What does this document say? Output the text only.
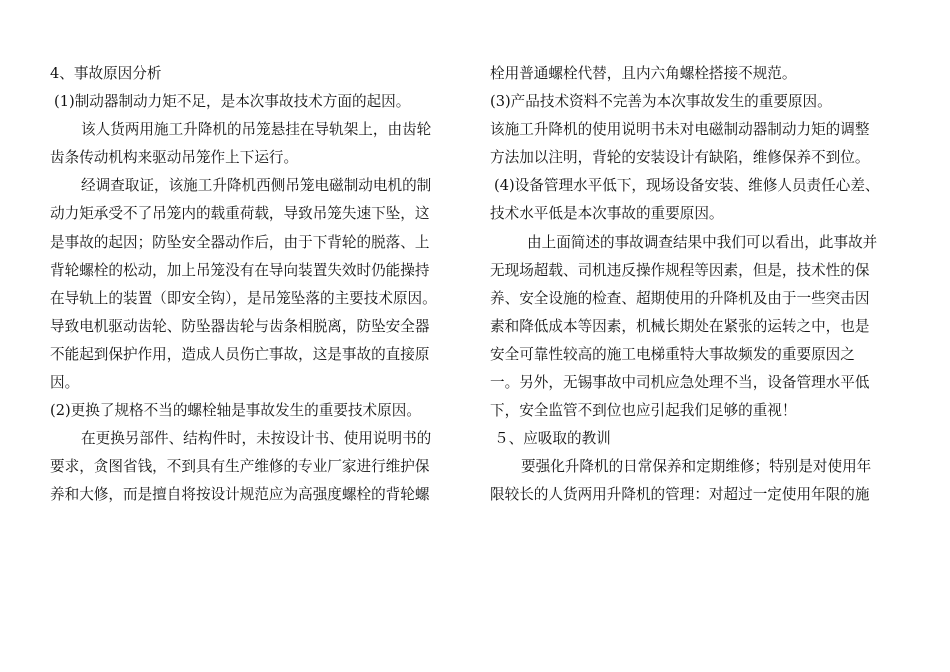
4、事故原因分析
(1)制动器制动力矩不足，是本次事故技术方面的起因。
该人货两用施工升降机的吊笼悬挂在导轨架上，由齿轮
齿条传动机构来驱动吊笼作上下运行。
经调查取证，该施工升降机西侧吊笼电磁制动电机的制
动力矩承受不了吊笼内的载重荷载，导致吊笼失速下坠，这
是事故的起因；防坠安全器动作后，由于下背轮的脱落、上
背轮螺栓的松动，加上吊笼没有在导向装置失效时仍能操持
在导轨上的装置（即安全钩），是吊笼坠落的主要技术原因。
导致电机驱动齿轮、防坠器齿轮与齿条相脱离，防坠安全器
不能起到保护作用，造成人员伤亡事故，这是事故的直接原
因。
(2)更换了规格不当的螺栓轴是事故发生的重要技术原因。
在更换另部件、结构件时，未按设计书、使用说明书的
要求，贪图省钱，不到具有生产维修的专业厂家进行维护保
养和大修，而是擅自将按设计规范应为高强度螺栓的背轮螺
栓用普通螺栓代替，且内六角螺栓搭接不规范。
(3)产品技术资料不完善为本次事故发生的重要原因。
该施工升降机的使用说明书未对电磁制动器制动力矩的调整
方法加以注明，背轮的安装设计有缺陷，维修保养不到位。
(4)设备管理水平低下，现场设备安装、维修人员责任心差、
技术水平低是本次事故的重要原因。
由上面简述的事故调查结果中我们可以看出，此事故并
无现场超载、司机违反操作规程等因素，但是，技术性的保
养、安全设施的检查、超期使用的升降机及由于一些突击因
素和降低成本等因素，机械长期处在紧张的运转之中，也是
安全可靠性较高的施工电梯重特大事故频发的重要原因之
一。另外，无锡事故中司机应急处理不当，设备管理水平低
下，安全监管不到位也应引起我们足够的重视！
５、应吸取的教训
要强化升降机的日常保养和定期维修；特别是对使用年
限较长的人货两用升降机的管理：对超过一定使用年限的施
